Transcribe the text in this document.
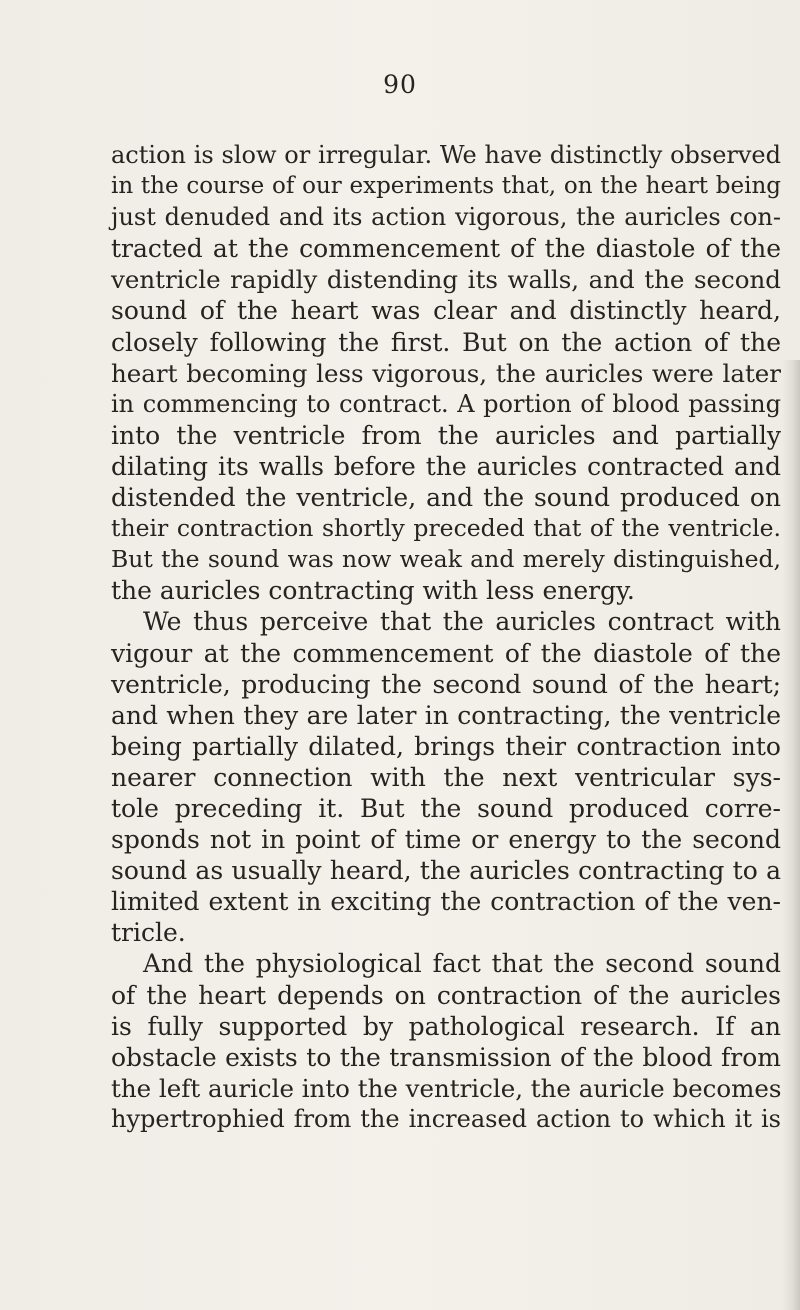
90
action is slow or irregular. We have distinctly observed
in the course of our experiments that, on the heart being
just denuded and its action vigorous, the auricles con-
tracted at the commencement of the diastole of the
ventricle rapidly distending its walls, and the second
sound of the heart was clear and distinctly heard,
closely following the first. But on the action of the
heart becoming less vigorous, the auricles were later
in commencing to contract. A portion of blood passing
into the ventricle from the auricles and partially
dilating its walls before the auricles contracted and
distended the ventricle, and the sound produced on
their contraction shortly preceded that of the ventricle.
But the sound was now weak and merely distinguished,
the auricles contracting with less energy.
We thus perceive that the auricles contract with
vigour at the commencement of the diastole of the
ventricle, producing the second sound of the heart;
and when they are later in contracting, the ventricle
being partially dilated, brings their contraction into
nearer connection with the next ventricular sys-
tole preceding it. But the sound produced corre-
sponds not in point of time or energy to the second
sound as usually heard, the auricles contracting to a
limited extent in exciting the contraction of the ven-
tricle.
And the physiological fact that the second sound
of the heart depends on contraction of the auricles
is fully supported by pathological research. If an
obstacle exists to the transmission of the blood from
the left auricle into the ventricle, the auricle becomes
hypertrophied from the increased action to which it is
